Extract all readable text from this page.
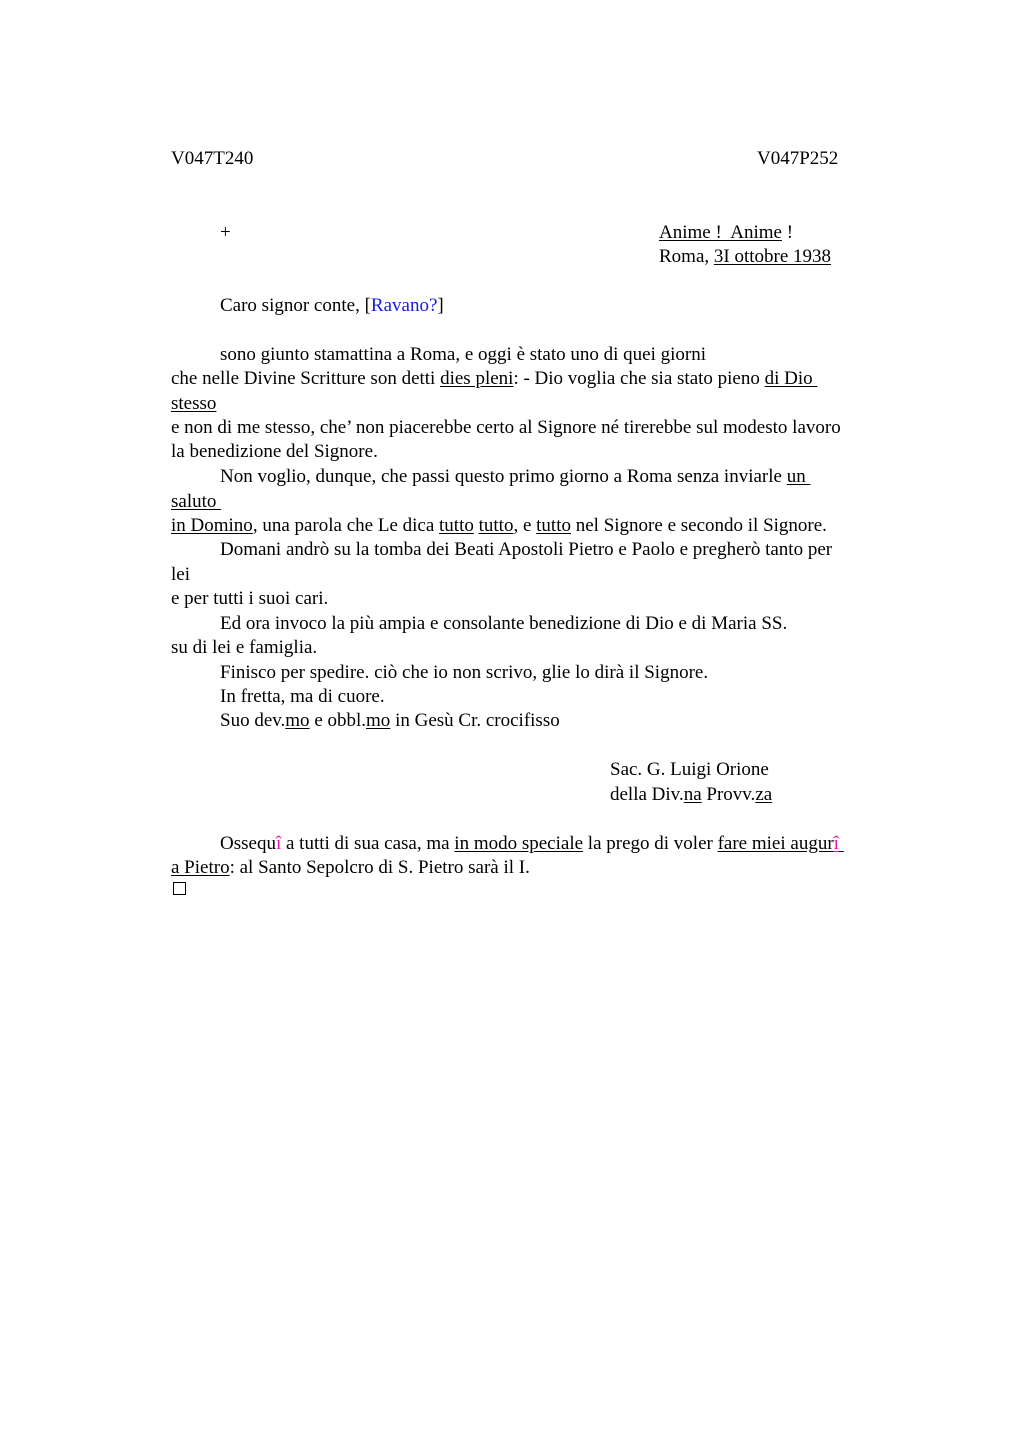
V047T240	V047P252
+	Anime !  Anime !
Roma, 3I ottobre 1938
Caro signor conte, [Ravano?]
sono giunto stamattina a Roma, e oggi è stato uno di quei giorni
che nelle Divine Scritture son detti dies pleni: - Dio voglia che sia stato pieno di Dio
stesso
e non di me stesso, che’ non piacerebbe certo al Signore né tirerebbe sul modesto lavoro
la benedizione del Signore.
Non voglio, dunque, che passi questo primo giorno a Roma senza inviarle un
saluto
in Domino, una parola che Le dica tutto tutto, e tutto nel Signore e secondo il Signore.
Domani andrò su la tomba dei Beati Apostoli Pietro e Paolo e pregherò tanto per
lei
e per tutti i suoi cari.
Ed ora invoco la più ampia e consolante benedizione di Dio e di Maria SS.
su di lei e famiglia.
Finisco per spedire. ciò che io non scrivo, glie lo dirà il Signore.
In fretta, ma di cuore.
Suo dev.mo e obbl.mo in Gesù Cr. crocifisso
Sac. G. Luigi Orione
della Div.na Provv.za
Ossequî a tutti di sua casa, ma in modo speciale la prego di voler fare miei augurî
a Pietro: al Santo Sepolcro di S. Pietro sarà il I.
